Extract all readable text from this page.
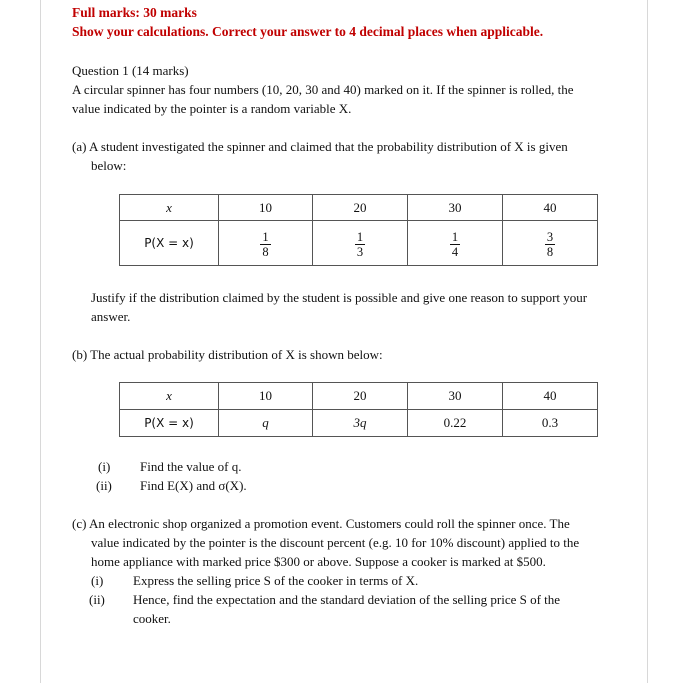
Full marks: 30 marks
Show your calculations. Correct your answer to 4 decimal places when applicable.
Question 1 (14 marks)
A circular spinner has four numbers (10, 20, 30 and 40) marked on it. If the spinner is rolled, the
value indicated by the pointer is a random variable X.
(a) A student investigated the spinner and claimed that the probability distribution of X is given
below:
x	10	20	30	40
P(X = x)	$\frac{1}{8}$	$\frac{1}{3}$	$\frac{1}{4}$	$\frac{3}{8}$
Justify if the distribution claimed by the student is possible and give one reason to support your
answer.
(b) The actual probability distribution of X is shown below:
x	10	20	30	40
P(X = x)	q	3q	0.22	0.3
(i) Find the value of q.
(ii) Find E(X) and σ(X).
(c) An electronic shop organized a promotion event. Customers could roll the spinner once. The
value indicated by the pointer is the discount percent (e.g. 10 for 10% discount) applied to the
home appliance with marked price $300 or above. Suppose a cooker is marked at $500.
(i) Express the selling price S of the cooker in terms of X.
(ii) Hence, find the expectation and the standard deviation of the selling price S of the
cooker.
